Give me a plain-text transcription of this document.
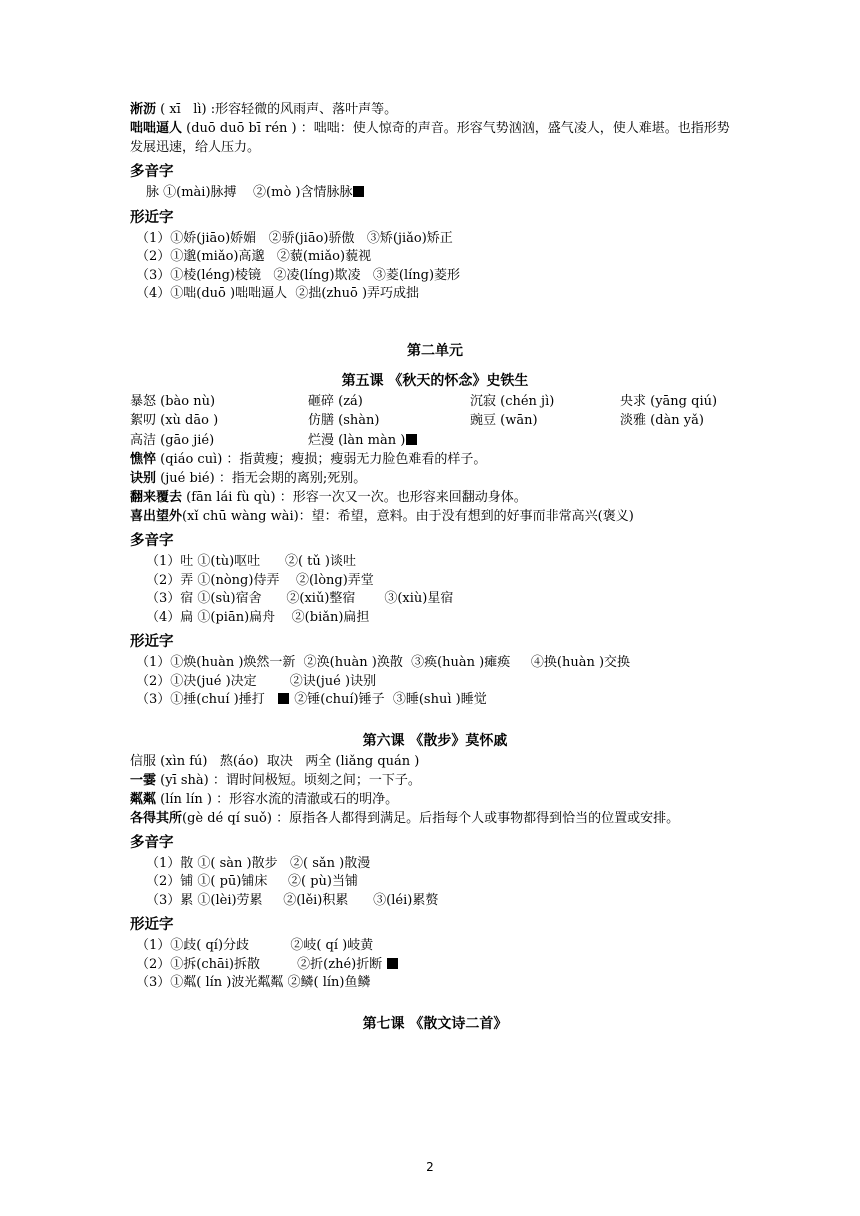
淅沥 ( xī   lì) :形容轻微的风雨声、落叶声等。

咄咄逼人 (duō duō bī rén ) ：咄咄：使人惊奇的声音。形容气势汹汹，盛气凌人，使人难堪。也指形势发展迅速，给人压力。

多音字

脉 ①(mài)脉搏    ②(mò )含情脉脉

形近字

（1）①娇(jiāo)娇媚   ②骄(jiāo)骄傲   ③矫(jiǎo)矫正

（2）①邈(miǎo)高邈   ②藐(miǎo)藐视

（3）①棱(léng)棱镜   ②凌(líng)欺凌   ③菱(líng)菱形

（4）①咄(duō )咄咄逼人  ②拙(zhuō )弄巧成拙

第二单元
第五课 《秋天的怀念》史铁生
暴怒 (bào nù)	砸碎 (zá)	沉寂 (chén jì)	央求 (yāng qiú)
絮叨 (xù dāo )	仿膳 (shàn)	豌豆 (wān)	淡雅 (dàn yǎ)
高洁 (gāo jié)	烂漫 (làn màn )

憔悴 (qiáo cuì) ：指黄瘦；瘦损；瘦弱无力脸色难看的样子。

诀别 (jué bié) ：指无会期的离别;死别。

翻来覆去 (fān lái fù qù) ：形容一次又一次。也形容来回翻动身体。

喜出望外(xǐ chū wàng wài)：望：希望，意料。由于没有想到的好事而非常高兴(褒义)

多音字

（1）吐 ①(tù)呕吐      ②( tǔ )谈吐

（2）弄 ①(nòng)侍弄    ②(lòng)弄堂

（3）宿 ①(sù)宿舍      ②(xiǔ)整宿       ③(xiù)星宿

（4）扁 ①(piān)扁舟    ②(biǎn)扁担

形近字

（1）①焕(huàn )焕然一新  ②涣(huàn )涣散  ③痪(huàn )瘫痪     ④换(huàn )交换

（2）①决(jué )决定        ②诀(jué )诀别

（3）①捶(chuí )捶打    ②锤(chuí)锤子  ③睡(shuì )睡觉

第六课 《散步》莫怀戚

信服 (xìn fú)   熬(áo)  取决   两全 (liǎng quán )

一霎 (yī shà) ：谓时间极短。顷刻之间；一下子。

粼粼 (lín lín ) ：形容水流的清澈或石的明净。

各得其所(gè dé qí suǒ) ：原指各人都得到满足。后指每个人或事物都得到恰当的位置或安排。

多音字

（1）散 ①( sàn )散步   ②( sǎn )散漫

（2）铺 ①( pū)铺床     ②( pù)当铺

（3）累 ①(lèi)劳累     ②(lěi)积累      ③(léi)累赘

形近字

（1）①歧( qí)分歧          ②岐( qí )岐黄

（2）①拆(chāi)拆散         ②折(zhé)折断

（3）①粼( lín )波光粼粼 ②鳞( lín)鱼鳞

第七课 《散文诗二首》
2
